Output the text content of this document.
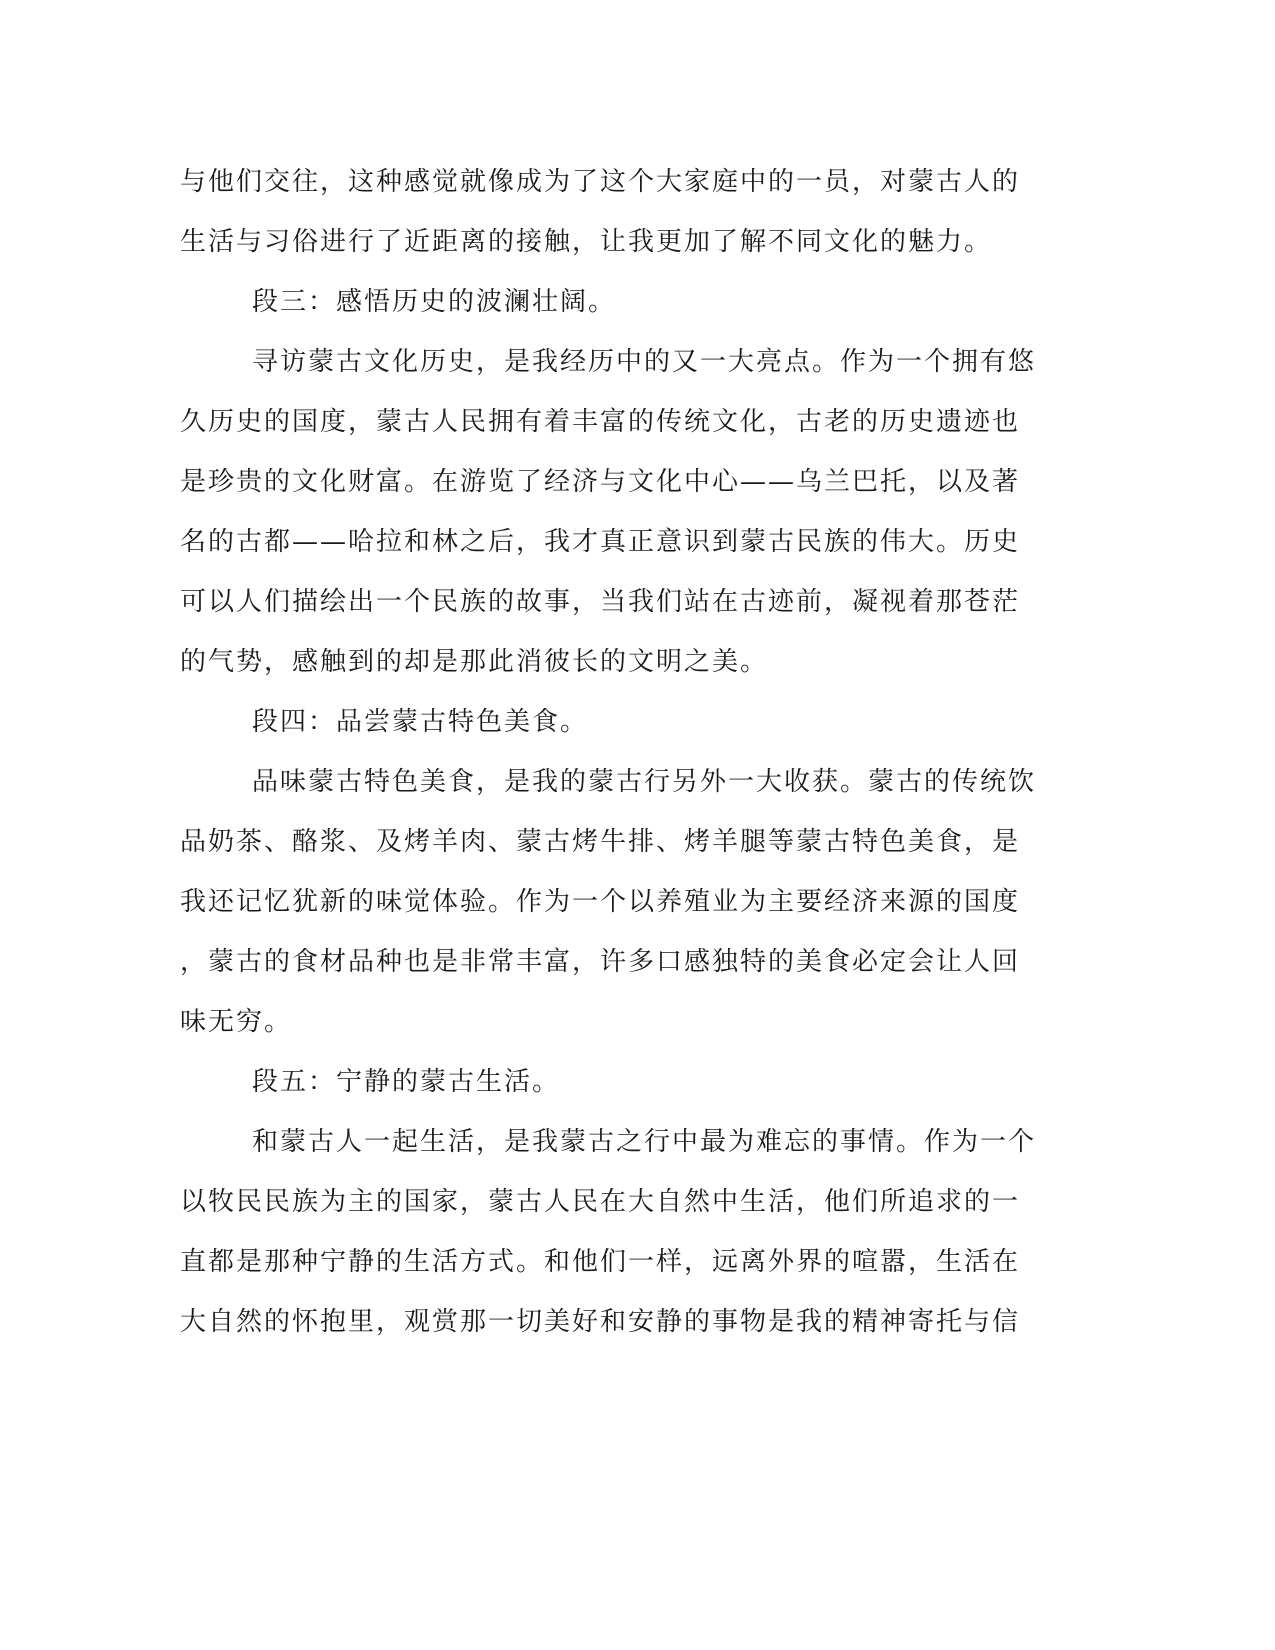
与他们交往，这种感觉就像成为了这个大家庭中的一员，对蒙古人的
生活与习俗进行了近距离的接触，让我更加了解不同文化的魅力。
段三：感悟历史的波澜壮阔。
寻访蒙古文化历史，是我经历中的又一大亮点。作为一个拥有悠
久历史的国度，蒙古人民拥有着丰富的传统文化，古老的历史遗迹也
是珍贵的文化财富。在游览了经济与文化中心——乌兰巴托，以及著
名的古都——哈拉和林之后，我才真正意识到蒙古民族的伟大。历史
可以人们描绘出一个民族的故事，当我们站在古迹前，凝视着那苍茫
的气势，感触到的却是那此消彼长的文明之美。
段四：品尝蒙古特色美食。
品味蒙古特色美食，是我的蒙古行另外一大收获。蒙古的传统饮
品奶茶、酪浆、及烤羊肉、蒙古烤牛排、烤羊腿等蒙古特色美食，是
我还记忆犹新的味觉体验。作为一个以养殖业为主要经济来源的国度
，蒙古的食材品种也是非常丰富，许多口感独特的美食必定会让人回
味无穷。
段五：宁静的蒙古生活。
和蒙古人一起生活，是我蒙古之行中最为难忘的事情。作为一个
以牧民民族为主的国家，蒙古人民在大自然中生活，他们所追求的一
直都是那种宁静的生活方式。和他们一样，远离外界的喧嚣，生活在
大自然的怀抱里，观赏那一切美好和安静的事物是我的精神寄托与信
